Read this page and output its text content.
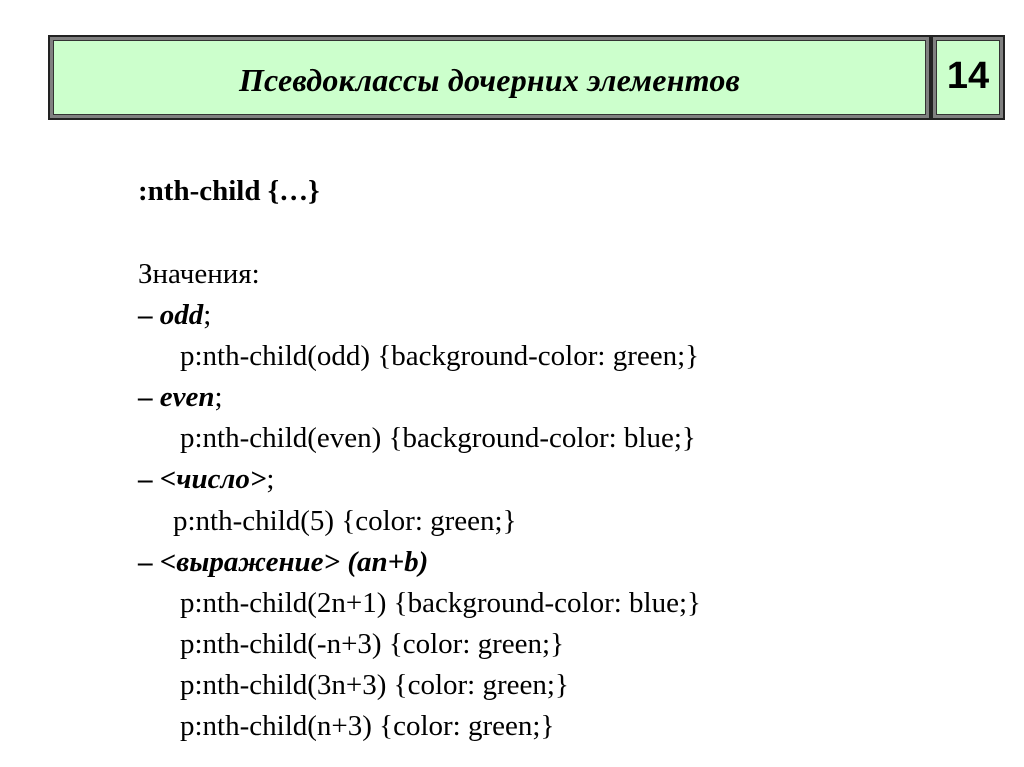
Псевдоклассы дочерних элементов	14
:nth-child {…}
Значения:
– odd;
p:nth-child(odd) {background-color: green;}
– even;
p:nth-child(even) {background-color: blue;}
– <число>;
p:nth-child(5) {color: green;}
– <выражение> (an+b)
p:nth-child(2n+1) {background-color: blue;}
p:nth-child(-n+3) {color: green;}
p:nth-child(3n+3) {color: green;}
p:nth-child(n+3) {color: green;}
